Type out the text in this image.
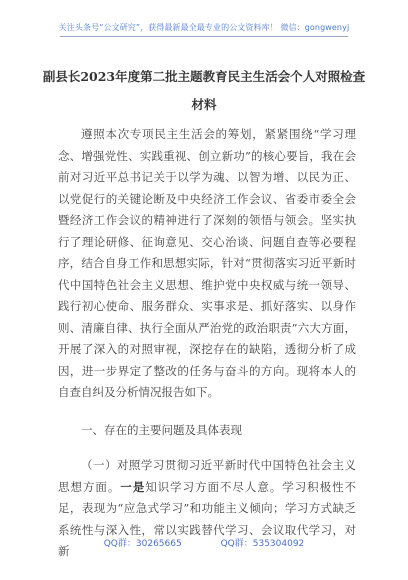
关注头条号“公文研究”，获得最新最全最专业的公文资料库！ 微信：gongwenyj
副县长2023年度第二批主题教育民主生活会个人对照检查材料

遵照本次专项民主生活会的筹划，紧紧围绕“学习理念、增强党性、实践重视、创立新功”的核心要旨，我在会前对习近平总书记关于以学为魂、以智为增、以民为正、以党促行的关键论断及中央经济工作会议、省委市委全会暨经济工作会议的精神进行了深刻的领悟与领会。坚实执行了理论研修、征询意见、交心治谈、问题自查等必要程序，结合自身工作和思想实际，针对“贯彻落实习近平新时代中国特色社会主义思想、维护党中央权威与统一领导、践行初心使命、服务群众、实事求是、抓好落实、以身作则、清廉自律、执行全面从严治党的政治职责”六大方面，开展了深入的对照审视，深挖存在的缺陷，透彻分析了成因，进一步界定了整改的任务与奋斗的方向。现将本人的自查自纠及分析情况报告如下。

一、存在的主要问题及具体表现

（一）对照学习贯彻习近平新时代中国特色社会主义思想方面。一是知识学习方面不尽人意。学习积极性不足，表现为“应急式学习”和功能主义倾向；学习方式缺乏系统性与深入性，常以实践替代学习、会议取代学习，对新	QQ群：30265665	QQ群：535304092
